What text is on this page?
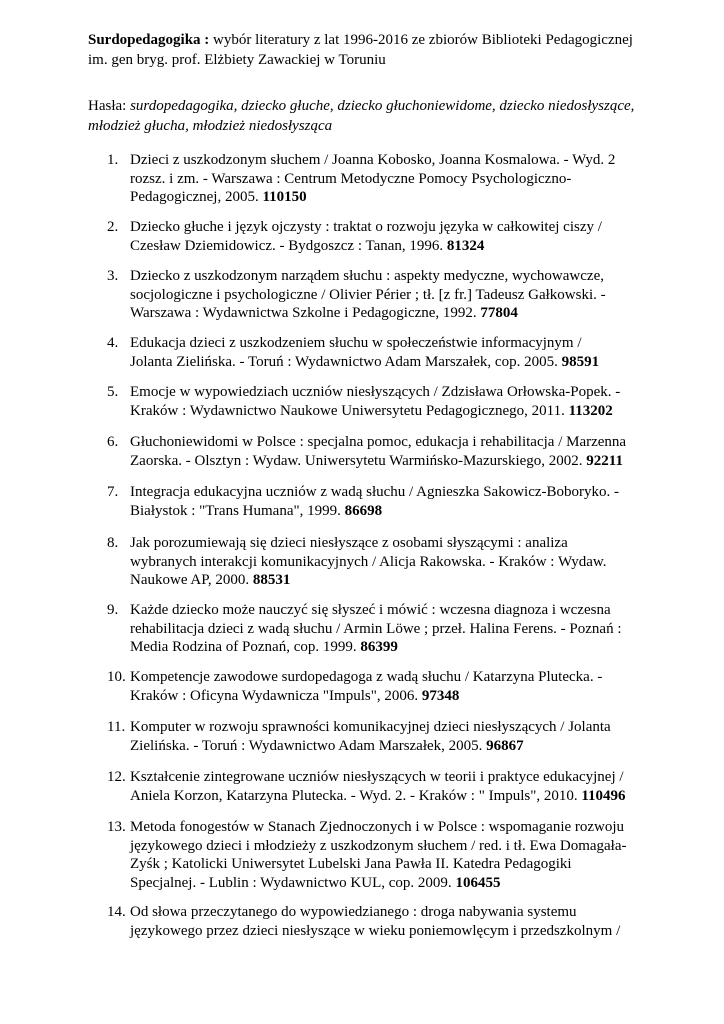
Surdopedagogika : wybór literatury z lat 1996-2016 ze zbiorów Biblioteki Pedagogicznej im. gen bryg. prof. Elżbiety Zawackiej w Toruniu
Hasła: surdopedagogika, dziecko głuche, dziecko głuchoniewidome, dziecko niedosłyszące, młodzież głucha, młodzież niedosłysząca
1. Dzieci z uszkodzonym słuchem / Joanna Kobosko, Joanna Kosmalowa. - Wyd. 2 rozsz. i zm. - Warszawa : Centrum Metodyczne Pomocy Psychologiczno-Pedagogicznej, 2005. 110150
2. Dziecko głuche i język ojczysty : traktat o rozwoju języka w całkowitej ciszy / Czesław Dziemidowicz. - Bydgoszcz : Tanan, 1996. 81324
3. Dziecko z uszkodzonym narządem słuchu : aspekty medyczne, wychowawcze, socjologiczne i psychologiczne / Olivier Périer ; tł. [z fr.] Tadeusz Gałkowski. - Warszawa : Wydawnictwa Szkolne i Pedagogiczne, 1992. 77804
4. Edukacja dzieci z uszkodzeniem słuchu w społeczeństwie informacyjnym / Jolanta Zielińska. - Toruń : Wydawnictwo Adam Marszałek, cop. 2005. 98591
5. Emocje w wypowiedziach uczniów niesłyszących / Zdzisława Orłowska-Popek. - Kraków : Wydawnictwo Naukowe Uniwersytetu Pedagogicznego, 2011. 113202
6. Głuchoniewidomi w Polsce : specjalna pomoc, edukacja i rehabilitacja / Marzenna Zaorska. - Olsztyn : Wydaw. Uniwersytetu Warmińsko-Mazurskiego, 2002. 92211
7. Integracja edukacyjna uczniów z wadą słuchu / Agnieszka Sakowicz-Boboryko. - Białystok : "Trans Humana", 1999. 86698
8. Jak porozumiewają się dzieci niesłyszące z osobami słyszącymi : analiza wybranych interakcji komunikacyjnych / Alicja Rakowska. - Kraków : Wydaw. Naukowe AP, 2000. 88531
9. Każde dziecko może nauczyć się słyszeć i mówić : wczesna diagnoza i wczesna rehabilitacja dzieci z wadą słuchu / Armin Löwe ; przeł. Halina Ferens. - Poznań : Media Rodzina of Poznań, cop. 1999. 86399
10. Kompetencje zawodowe surdopedagoga z wadą słuchu / Katarzyna Plutecka. - Kraków : Oficyna Wydawnicza "Impuls", 2006. 97348
11. Komputer w rozwoju sprawności komunikacyjnej dzieci niesłyszących / Jolanta Zielińska. - Toruń : Wydawnictwo Adam Marszałek, 2005. 96867
12. Kształcenie zintegrowane uczniów niesłyszących w teorii i praktyce edukacyjnej / Aniela Korzon, Katarzyna Plutecka. - Wyd. 2. - Kraków : " Impuls", 2010. 110496
13. Metoda fonogestów w Stanach Zjednoczonych i w Polsce : wspomaganie rozwoju językowego dzieci i młodzieży z uszkodzonym słuchem / red. i tł. Ewa Domagała-Zyśk ; Katolicki Uniwersytet Lubelski Jana Pawła II. Katedra Pedagogiki Specjalnej. - Lublin : Wydawnictwo KUL, cop. 2009. 106455
14. Od słowa przeczytanego do wypowiedzianego : droga nabywania systemu językowego przez dzieci niesłyszące w wieku poniemowlęcym i przedszkolnym /
